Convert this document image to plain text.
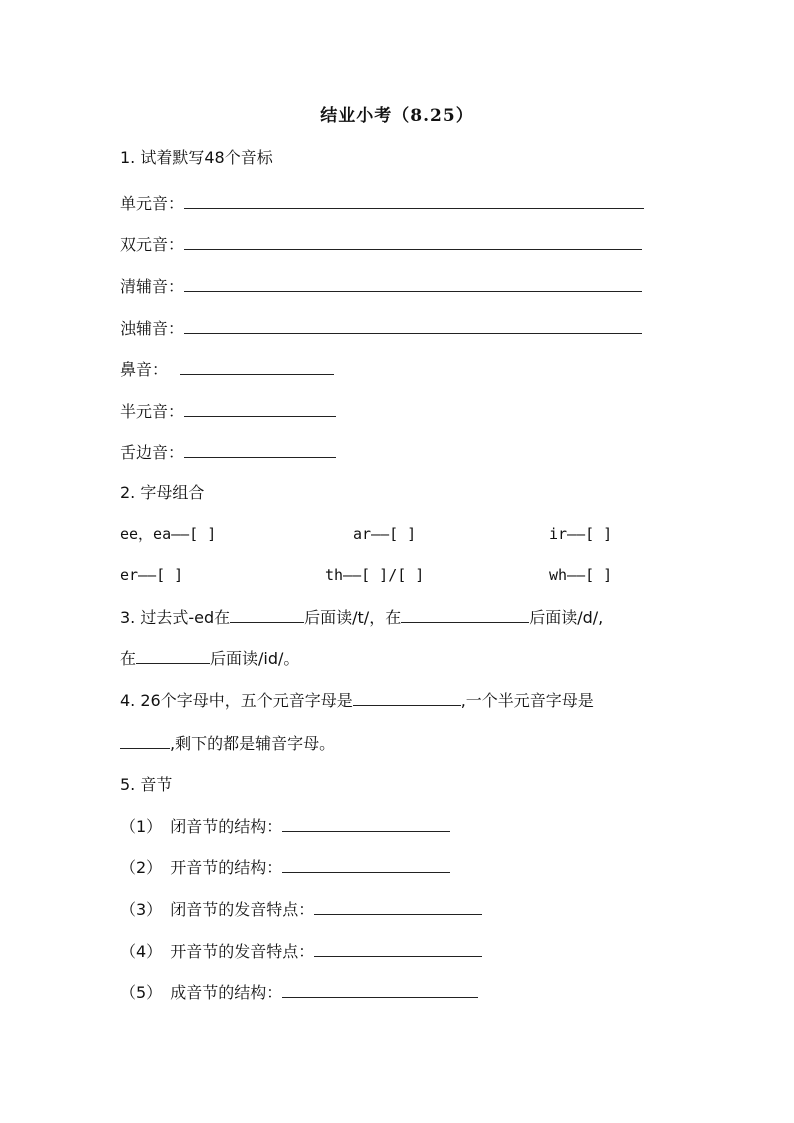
结业小考（8.25）
1. 试着默写48个音标
单元音：
双元音：
清辅音：
浊辅音：
鼻音：
半元音：
舌边音：
2. 字母组合
ee，ea——[ ]	ar——[ ]	ir——[ ]
er——[ ]	th——[ ]/[ ]	wh——[ ]
3. 过去式-ed在	后面读/t/，在	后面读/d/,
在	后面读/id/。
4. 26个字母中，五个元音字母是	,一个半元音字母是
,剩下的都是辅音字母。
5. 音节
（1） 闭音节的结构：
（2） 开音节的结构：
（3） 闭音节的发音特点：
（4） 开音节的发音特点：
（5） 成音节的结构：
